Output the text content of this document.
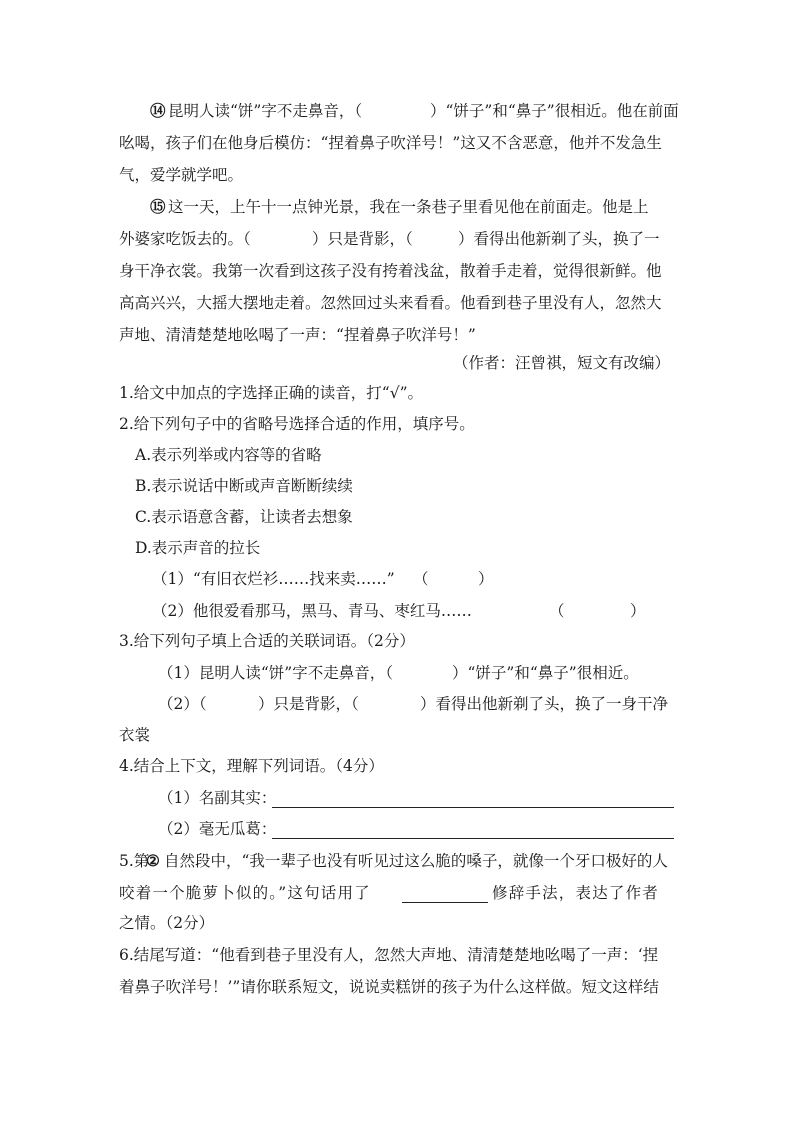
⑭ 昆明人读“饼”字不走鼻音，（	）“饼子”和“鼻子”很相近。他在前面
吆喝，孩子们在他身后模仿：“捏着鼻子吹洋号！”这又不含恶意，他并不发急生
气，爱学就学吧。
⑮ 这一天，上午十一点钟光景，我在一条巷子里看见他在前面走。他是上
外婆家吃饭去的。（	）只是背影，（	）看得出他新剃了头，换了一
身干净衣裳。我第一次看到这孩子没有挎着浅盆，散着手走着，觉得很新鲜。他
高高兴兴，大摇大摆地走着。忽然回过头来看看。他看到巷子里没有人，忽然大
声地、清清楚楚地吆喝了一声：“捏着鼻子吹洋号！”
（作者：汪曾祺，短文有改编）
1.给文中加点的字选择正确的读音，打“√”。
2.给下列句子中的省略号选择合适的作用，填序号。
A.表示列举或内容等的省略
B.表示说话中断或声音断断续续
C.表示语意含蓄，让读者去想象
D.表示声音的拉长
（1）“有旧衣烂衫……找来卖……” （	）
（2）他很爱看那马，黑马、青马、枣红马……	（	）
3.给下列句子填上合适的关联词语。（2分）
（1）昆明人读“饼”字不走鼻音，（	）“饼子”和“鼻子”很相近。
（2）（	）只是背影，（	）看得出他新剃了头，换了一身干净
衣裳
4.结合上下文，理解下列词语。（4分）
（1）名副其实：
（2）毫无瓜葛：
5.第
② 自然段中，“我一辈子也没有听见过这么脆的嗓子，就像一个牙口极好的人
咬着一个脆萝卜似的。”这句话用了	修辞手法，表达了作者
之情。（2分）
6.结尾写道：“他看到巷子里没有人，忽然大声地、清清楚楚地吆喝了一声：‘捏
着鼻子吹洋号！’”请你联系短文，说说卖糕饼的孩子为什么这样做。短文这样结
